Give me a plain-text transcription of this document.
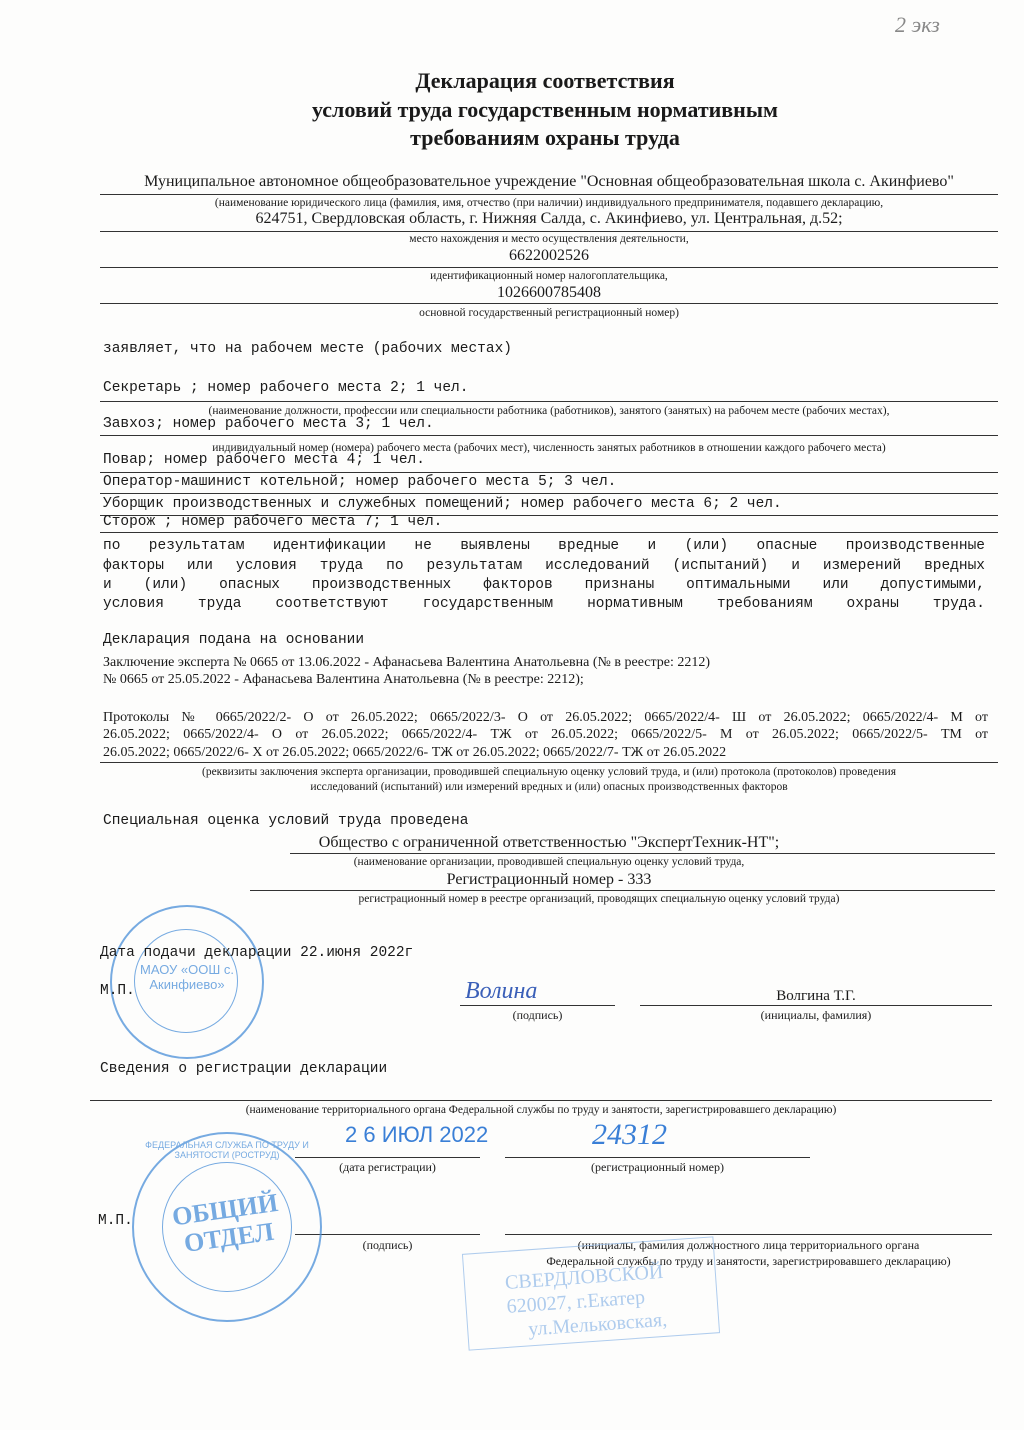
2 экз
Декларация соответствия
условий труда государственным нормативным
требованиям охраны труда
Муниципальное автономное общеобразовательное учреждение "Основная общеобразовательная школа с. Акинфиево"
(наименование юридического лица (фамилия, имя, отчество (при наличии) индивидуального предпринимателя, подавшего декларацию,
624751, Свердловская область, г. Нижняя Салда, с. Акинфиево, ул. Центральная, д.52;
место нахождения и место осуществления деятельности,
6622002526
идентификационный номер налогоплательщика,
1026600785408
основной государственный регистрационный номер)
заявляет, что на рабочем месте (рабочих местах)
Секретарь ; номер рабочего места 2; 1 чел.
(наименование должности, профессии или специальности работника (работников), занятого (занятых) на рабочем месте (рабочих местах),
Завхоз; номер рабочего места 3; 1 чел.
индивидуальный номер (номера) рабочего места (рабочих мест), численность занятых работников в отношении каждого рабочего места)
Повар; номер рабочего места 4; 1 чел.
Оператор-машинист котельной; номер рабочего места 5; 3 чел.
Уборщик производственных и служебных помещений; номер рабочего места 6; 2 чел.
Сторож ; номер рабочего места 7; 1 чел.
по результатам идентификации не выявлены вредные и (или) опасные производственные
факторы или условия труда по результатам исследований (испытаний) и измерений вредных
и (или) опасных производственных факторов признаны оптимальными или допустимыми,
условия труда соответствуют государственным нормативным требованиям охраны труда.
Декларация подана на основании
Заключение эксперта № 0665 от 13.06.2022 - Афанасьева Валентина Анатольевна (№ в реестре: 2212)
№ 0665 от 25.05.2022 - Афанасьева Валентина Анатольевна (№ в реестре: 2212);
Протоколы № 0665/2022/2- О от 26.05.2022; 0665/2022/3- О от 26.05.2022; 0665/2022/4- Ш от 26.05.2022; 0665/2022/4- М от
26.05.2022; 0665/2022/4- О от 26.05.2022; 0665/2022/4- ТЖ от 26.05.2022; 0665/2022/5- М от 26.05.2022; 0665/2022/5- ТМ от
26.05.2022; 0665/2022/6- Х от 26.05.2022; 0665/2022/6- ТЖ от 26.05.2022; 0665/2022/7- ТЖ от 26.05.2022
(реквизиты заключения эксперта организации, проводившей специальную оценку условий труда, и (или) протокола (протоколов) проведения
исследований (испытаний) или измерений вредных и (или) опасных производственных факторов
Специальная оценка условий труда проведена
Общество с ограниченной ответственностью "ЭкспертТехник-НТ";
(наименование организации, проводившей специальную оценку условий труда,
Регистрационный номер - 333
регистрационный номер в реестре организаций, проводящих специальную оценку условий труда)
МАОУ «ООШ с. Акинфиево»
Дата подачи декларации 22.июня 2022г
М.П.	Волина
(подпись)
Волгина Т.Г.
(инициалы, фамилия)
Сведения о регистрации декларации
(наименование территориального органа Федеральной службы по труду и занятости, зарегистрировавшего декларацию)
2 6 ИЮЛ 2022	24312
(дата регистрации)	(регистрационный номер)
М.П.
(подпись)	(инициалы, фамилия должностного лица территориального органа
Федеральной службы по труду и занятости, зарегистрировавшего декларацию)
ФЕДЕРАЛЬНАЯ СЛУЖБА ПО ТРУДУ И ЗАНЯТОСТИ (РОСТРУД)
ОБЩИЙ ОТДЕЛ
СВЕРДЛОВСКОЙ
620027, г.Екатер
ул.Мельковская,
